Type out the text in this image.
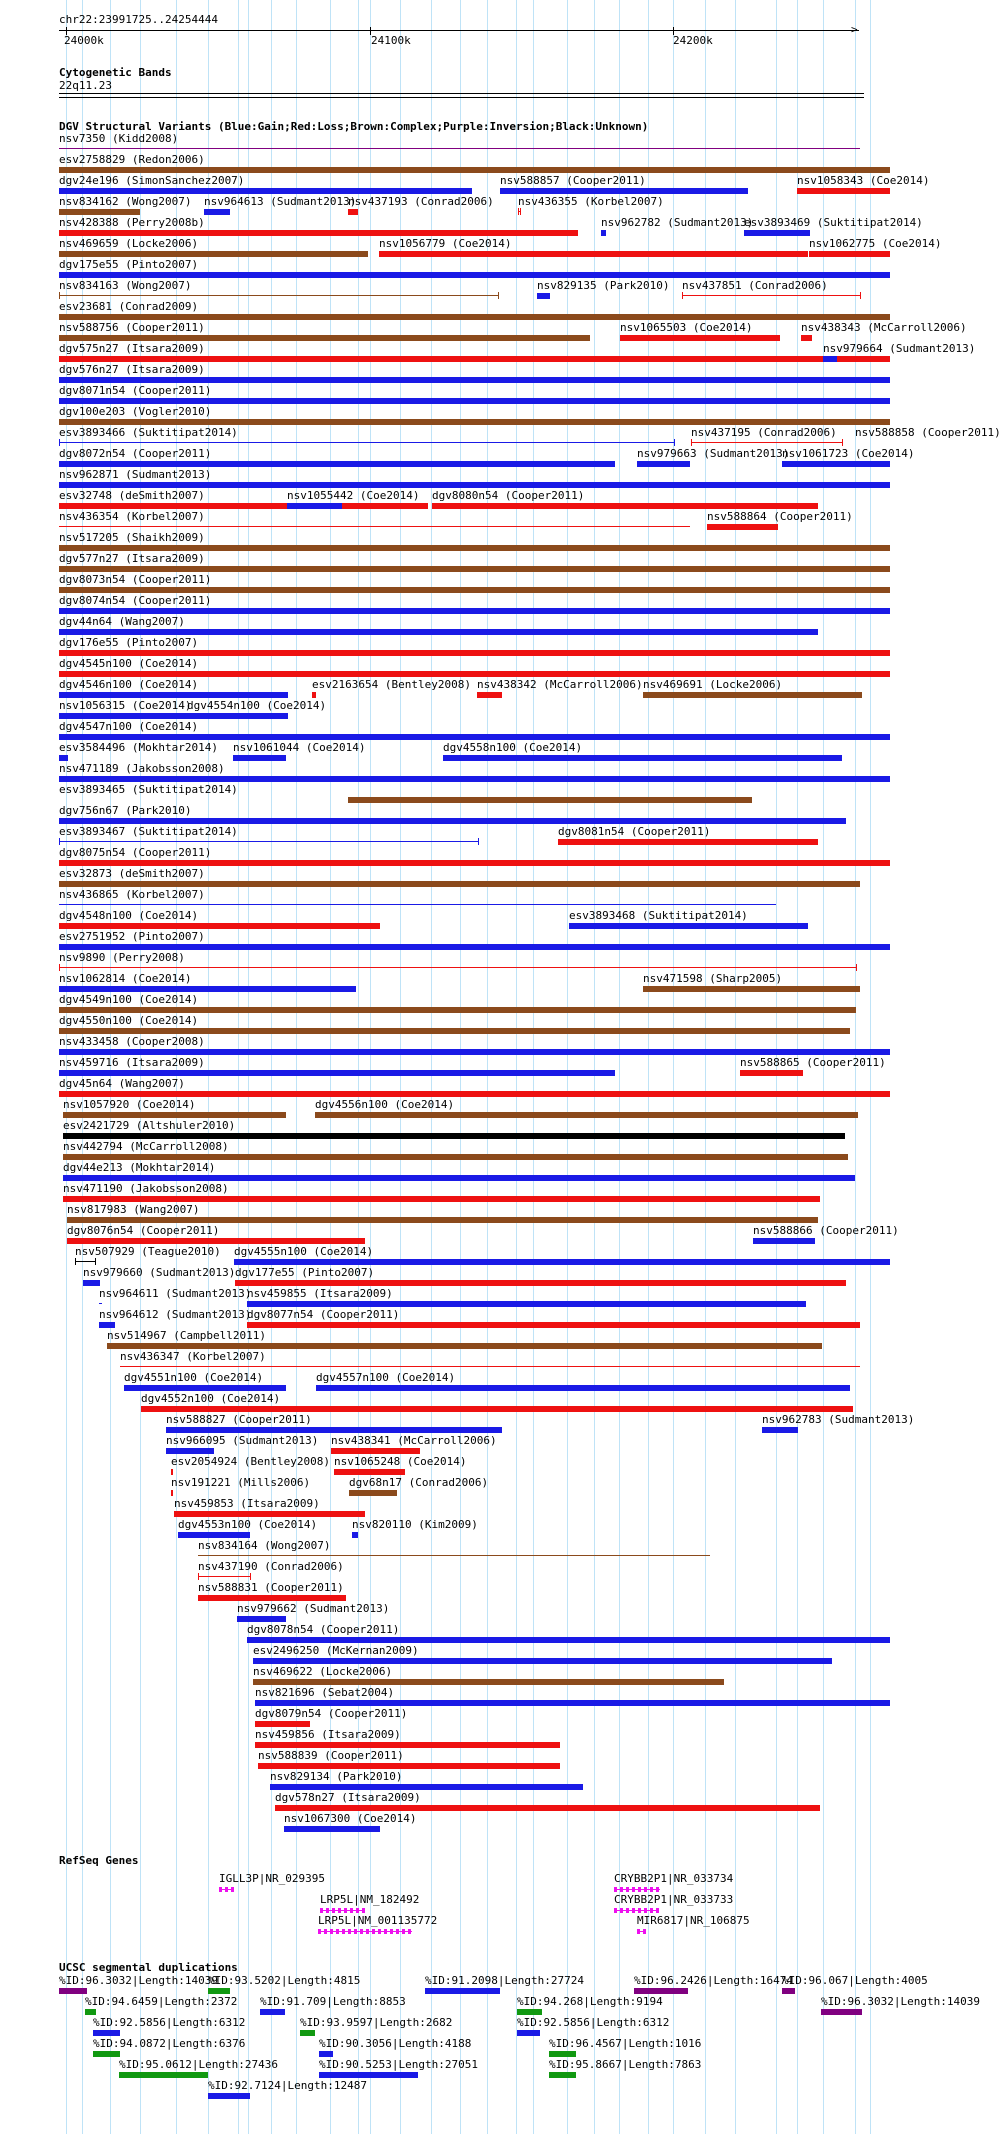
chr22:23991725..24254444
>
24000k	24100k	24200k
Cytogenetic Bands
22q11.23
DGV Structural Variants (Blue:Gain;Red:Loss;Brown:Complex;Purple:Inversion;Black:Unknown)
RefSeq Genes
UCSC segmental duplications
nsv7350 (Kidd2008)
esv2758829 (Redon2006)
dgv24e196 (SimonSanchez2007)	nsv588857 (Cooper2011)	nsv1058343 (Coe2014)
nsv834162 (Wong2007) nsv964613 (Sudmant2013)
nsv437193 (Conrad2006) nsv436355 (Korbel2007)
nsv428388 (Perry2008b)	nsv962782 (Sudmant2013)
esv3893469 (Suktitipat2014)
nsv469659 (Locke2006)	nsv1056779 (Coe2014)	nsv1062775 (Coe2014)
dgv175e55 (Pinto2007)
nsv834163 (Wong2007)	nsv829135 (Park2010) nsv437851 (Conrad2006)
esv23681 (Conrad2009)
nsv588756 (Cooper2011)	nsv1065503 (Coe2014)	nsv438343 (McCarroll2006)
dgv575n27 (Itsara2009)	nsv979664 (Sudmant2013)
dgv576n27 (Itsara2009)
dgv8071n54 (Cooper2011)
dgv100e203 (Vogler2010)
esv3893466 (Suktitipat2014)	nsv437195 (Conrad2006) nsv588858 (Cooper2011)
dgv8072n54 (Cooper2011)	nsv979663 (Sudmant2013)
nsv1061723 (Coe2014)
nsv962871 (Sudmant2013)
esv32748 (deSmith2007)	nsv1055442 (Coe2014) dgv8080n54 (Cooper2011)
nsv436354 (Korbel2007)	nsv588864 (Cooper2011)
nsv517205 (Shaikh2009)
dgv577n27 (Itsara2009)
dgv8073n54 (Cooper2011)
dgv8074n54 (Cooper2011)
dgv44n64 (Wang2007)
dgv176e55 (Pinto2007)
dgv4545n100 (Coe2014)
dgv4546n100 (Coe2014)	esv2163654 (Bentley2008) nsv438342 (McCarroll2006) nsv469691 (Locke2006)
nsv1056315 (Coe2014)
dgv4554n100 (Coe2014)
dgv4547n100 (Coe2014)
esv3584496 (Mokhtar2014) nsv1061044 (Coe2014)	dgv4558n100 (Coe2014)
nsv471189 (Jakobsson2008)
esv3893465 (Suktitipat2014)
dgv756n67 (Park2010)
esv3893467 (Suktitipat2014)	dgv8081n54 (Cooper2011)
dgv8075n54 (Cooper2011)
esv32873 (deSmith2007)
nsv436865 (Korbel2007)
dgv4548n100 (Coe2014)	esv3893468 (Suktitipat2014)
esv2751952 (Pinto2007)
nsv9890 (Perry2008)
nsv1062814 (Coe2014)	nsv471598 (Sharp2005)
dgv4549n100 (Coe2014)
dgv4550n100 (Coe2014)
nsv433458 (Cooper2008)
nsv459716 (Itsara2009)	nsv588865 (Cooper2011)
dgv45n64 (Wang2007)
nsv1057920 (Coe2014)	dgv4556n100 (Coe2014)
esv2421729 (Altshuler2010)
nsv442794 (McCarroll2008)
dgv44e213 (Mokhtar2014)
nsv471190 (Jakobsson2008)
nsv817983 (Wang2007)
dgv8076n54 (Cooper2011)	nsv588866 (Cooper2011)
nsv507929 (Teague2010) dgv4555n100 (Coe2014)
nsv979660 (Sudmant2013) dgv177e55 (Pinto2007)
nsv964611 (Sudmant2013)
nsv459855 (Itsara2009)
nsv964612 (Sudmant2013)
dgv8077n54 (Cooper2011)
nsv514967 (Campbell2011)
nsv436347 (Korbel2007)
dgv4551n100 (Coe2014)	dgv4557n100 (Coe2014)
dgv4552n100 (Coe2014)
nsv588827 (Cooper2011)	nsv962783 (Sudmant2013)
nsv966095 (Sudmant2013) nsv438341 (McCarroll2006)
esv2054924 (Bentley2008) nsv1065248 (Coe2014)
nsv191221 (Mills2006)	dgv68n17 (Conrad2006)
nsv459853 (Itsara2009)
dgv4553n100 (Coe2014)	nsv820110 (Kim2009)
nsv834164 (Wong2007)
nsv437190 (Conrad2006)
nsv588831 (Cooper2011)
nsv979662 (Sudmant2013)
dgv8078n54 (Cooper2011)
esv2496250 (McKernan2009)
nsv469622 (Locke2006)
nsv821696 (Sebat2004)
dgv8079n54 (Cooper2011)
nsv459856 (Itsara2009)
nsv588839 (Cooper2011)
nsv829134 (Park2010)
dgv578n27 (Itsara2009)
nsv1067300 (Coe2014)
IGLL3P|NR_029395	CRYBB2P1|NR_033734
LRP5L|NM_182492	CRYBB2P1|NR_033733
LRP5L|NM_001135772	MIR6817|NR_106875
%ID:96.3032|Length:14039
%ID:93.5202|Length:4815	%ID:91.2098|Length:27724	%ID:96.2426|Length:16474
%ID:96.067|Length:4005
%ID:94.6459|Length:2372 %ID:91.709|Length:8853	%ID:94.268|Length:9194	%ID:96.3032|Length:14039
%ID:92.5856|Length:6312	%ID:93.9597|Length:2682	%ID:92.5856|Length:6312
%ID:94.0872|Length:6376	%ID:90.3056|Length:4188	%ID:96.4567|Length:1016
%ID:95.0612|Length:27436	%ID:90.5253|Length:27051	%ID:95.8667|Length:7863
%ID:92.7124|Length:12487
